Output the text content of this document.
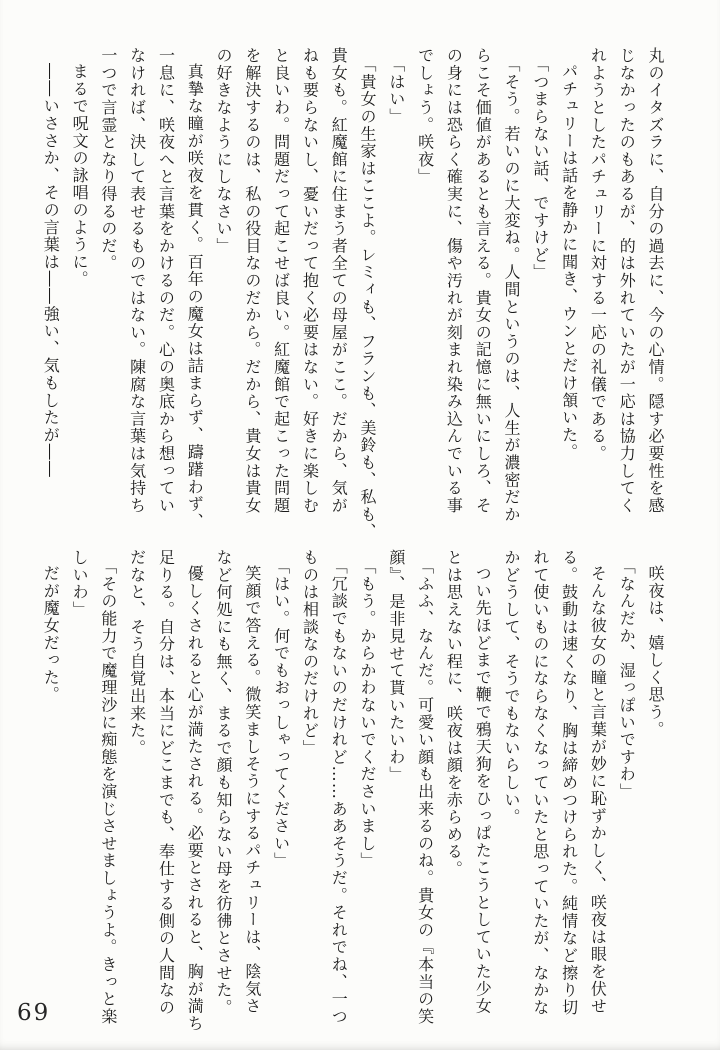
丸のイタズラに、自分の過去に、今の心情。隠す必要性を感

じなかったのもあるが、的は外れていたが一応は協力してく

れようとしたパチュリーに対する一応の礼儀である。

パチュリーは話を静かに聞き、ウンとだけ頷いた。

「つまらない話、ですけど」

「そう。若いのに大変ね。人間というのは、人生が濃密だか

らこそ価値があるとも言える。貴女の記憶に無いにしろ、そ

の身には恐らく確実に、傷や汚れが刻まれ染み込んでいる事

でしょう。咲夜」

「はい」

「貴女の生家はここよ。レミィも、フランも、美鈴も、私も、

貴女も。紅魔館に住まう者全ての母屋がここ。だから、気が

ねも要らないし、憂いだって抱く必要はない。好きに楽しむ

と良いわ。問題だって起こせば良い。紅魔館で起こった問題

を解決するのは、私の役目なのだから。だから、貴女は貴女

の好きなようにしなさい」

真摯な瞳が咲夜を貫く。百年の魔女は詰まらず、躊躇わず、

一息に、咲夜へと言葉をかけるのだ。心の奥底から想ってい

なければ、決して表せるものではない。陳腐な言葉は気持ち

一つで言霊となり得るのだ。

まるで呪文の詠唱のように。

――いささか、その言葉は――強い、気もしたが――

咲夜は、嬉しく思う。

「なんだか、湿っぽいですわ」

そんな彼女の瞳と言葉が妙に恥ずかしく、咲夜は眼を伏せ

る。鼓動は速くなり、胸は締めつけられた。純情など擦り切

れて使いものにならなくなっていたと思っていたが、なかな

かどうして、そうでもないらしい。

つい先ほどまで鞭で鴉天狗をひっぱたこうとしていた少女

とは思えない程に、咲夜は顔を赤らめる。

「ふふ、なんだ。可愛い顔も出来るのね。貴女の『本当の笑

顔』、是非見せて貰いたいわ」

「もう。からかわないでくださいまし」

「冗談でもないのだけれど……ああそうだ。それでね、一つ

ものは相談なのだけれど」

「はい。何でもおっしゃってください」

笑顔で答える。微笑ましそうにするパチュリーは、陰気さ

など何処にも無く、まるで顔も知らない母を彷彿とさせた。

優しくされると心が満たされる。必要とされると、胸が満ち

足りる。自分は、本当にどこまでも、奉仕する側の人間なの

だなと、そう自覚出来た。

「その能力で魔理沙に痴態を演じさせましょうよ。きっと楽

しいわ」

だが魔女だった。

69
